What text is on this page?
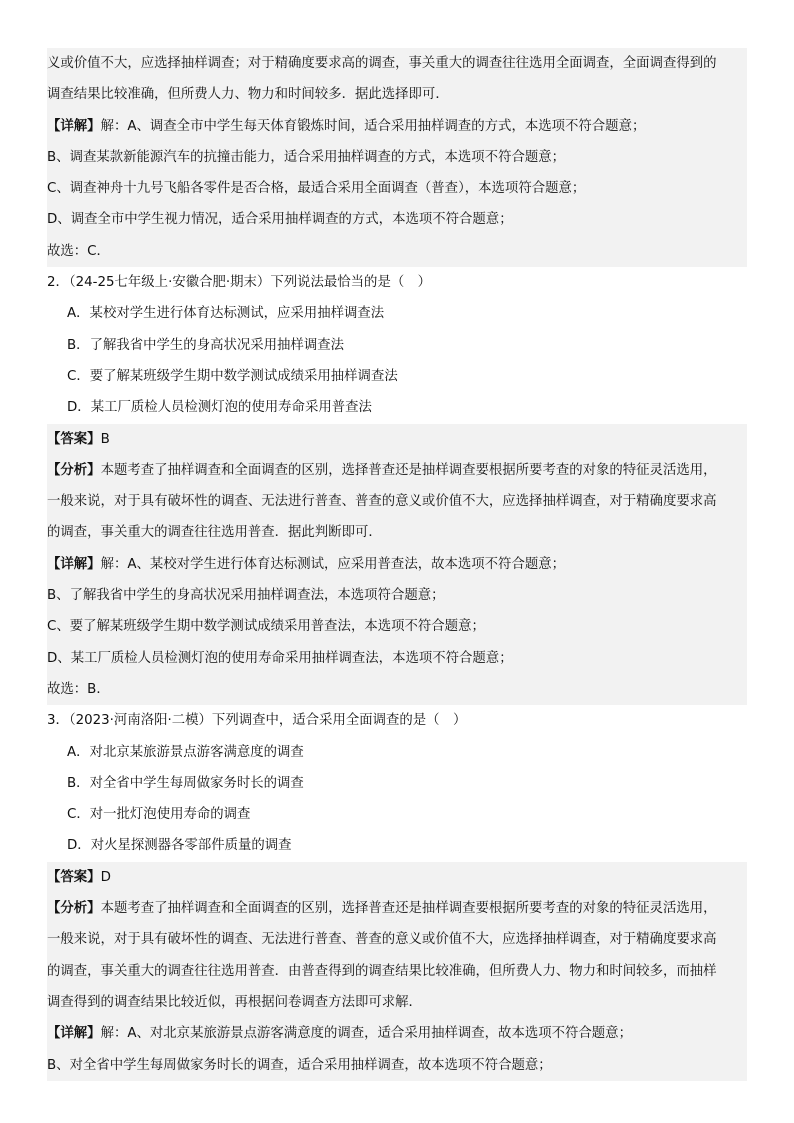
义或价值不大，应选择抽样调查；对于精确度要求高的调查，事关重大的调查往往选用全面调查，全面调查得到的
调查结果比较准确，但所费人力、物力和时间较多．据此选择即可．
【详解】解：A、调查全市中学生每天体育锻炼时间，适合采用抽样调查的方式，本选项不符合题意；
B、调查某款新能源汽车的抗撞击能力，适合采用抽样调查的方式，本选项不符合题意；
C、调查神舟十九号飞船各零件是否合格，最适合采用全面调查（普查），本选项符合题意；
D、调查全市中学生视力情况，适合采用抽样调查的方式，本选项不符合题意；
故选：C．
2．（24-25七年级上·安徽合肥·期末）下列说法最恰当的是（　）
A．某校对学生进行体育达标测试，应采用抽样调查法
B．了解我省中学生的身高状况采用抽样调查法
C．要了解某班级学生期中数学测试成绩采用抽样调查法
D．某工厂质检人员检测灯泡的使用寿命采用普查法
【答案】B
【分析】本题考查了抽样调查和全面调查的区别，选择普查还是抽样调查要根据所要考查的对象的特征灵活选用，
一般来说，对于具有破坏性的调查、无法进行普查、普查的意义或价值不大，应选择抽样调查，对于精确度要求高
的调查，事关重大的调查往往选用普查．据此判断即可．
【详解】解：A、某校对学生进行体育达标测试，应采用普查法，故本选项不符合题意；
B、了解我省中学生的身高状况采用抽样调查法，本选项符合题意；
C、要了解某班级学生期中数学测试成绩采用普查法，本选项不符合题意；
D、某工厂质检人员检测灯泡的使用寿命采用抽样调查法，本选项不符合题意；
故选：B．
3．（2023·河南洛阳·二模）下列调查中，适合采用全面调查的是（　）
A．对北京某旅游景点游客满意度的调查
B．对全省中学生每周做家务时长的调查
C．对一批灯泡使用寿命的调查
D．对火星探测器各零部件质量的调查
【答案】D
【分析】本题考查了抽样调查和全面调查的区别，选择普查还是抽样调查要根据所要考查的对象的特征灵活选用，
一般来说，对于具有破坏性的调查、无法进行普查、普查的意义或价值不大，应选择抽样调查，对于精确度要求高
的调查，事关重大的调查往往选用普查．由普查得到的调查结果比较准确，但所费人力、物力和时间较多，而抽样
调查得到的调查结果比较近似，再根据问卷调查方法即可求解．
【详解】解：A、对北京某旅游景点游客满意度的调查，适合采用抽样调查，故本选项不符合题意；
B、对全省中学生每周做家务时长的调查，适合采用抽样调查，故本选项不符合题意；
